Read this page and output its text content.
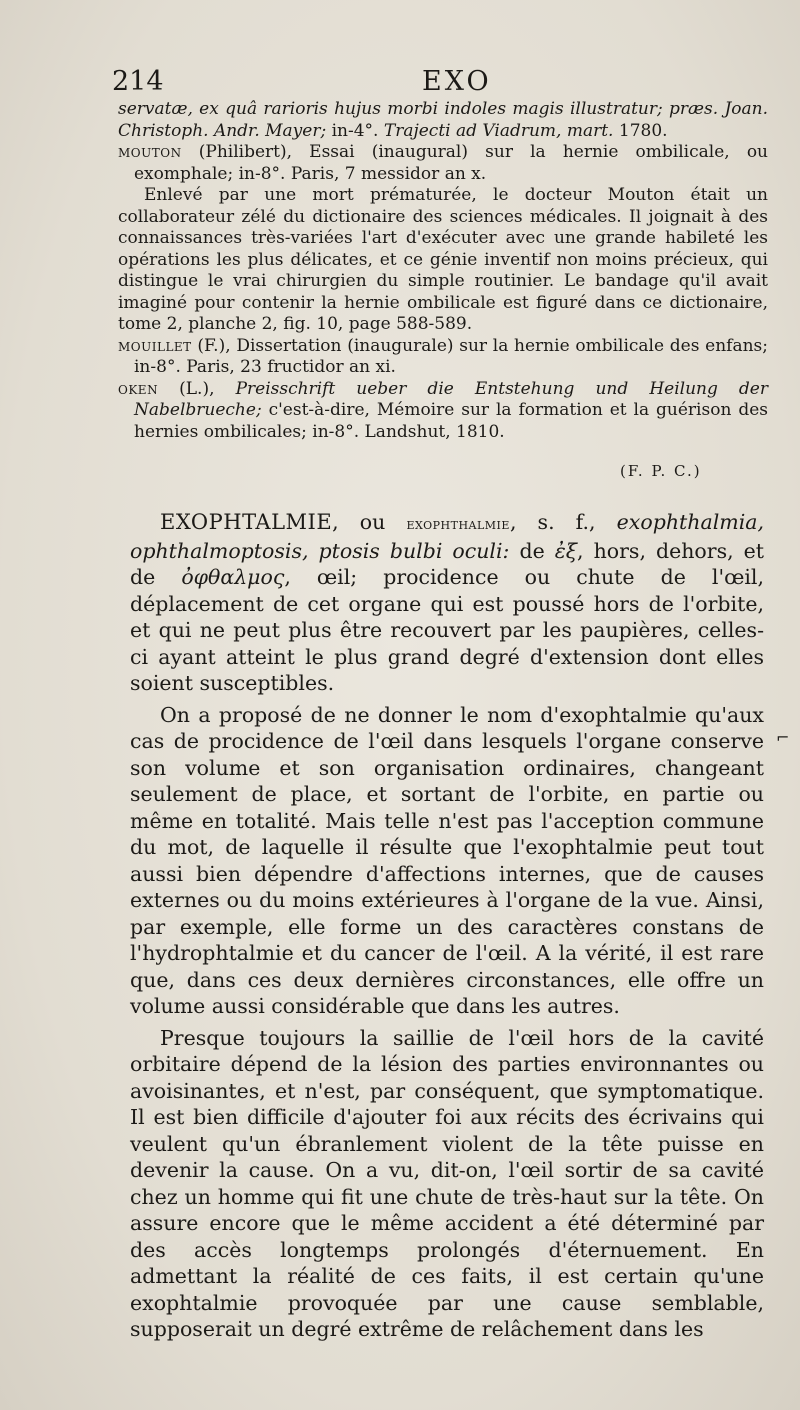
214	EXO

servatæ, ex quâ rarioris hujus morbi indoles magis illustratur; præs. Joan. Christoph. Andr. Mayer; in-4°. Trajecti ad Viadrum, mart. 1780.

mouton (Philibert), Essai (inaugural) sur la hernie ombilicale, ou exomphale; in-8°. Paris, 7 messidor an x.

Enlevé par une mort prématurée, le docteur Mouton était un collaborateur zélé du dictionaire des sciences médicales. Il joignait à des connaissances très-variées l'art d'exécuter avec une grande habileté les opérations les plus délicates, et ce génie inventif non moins précieux, qui distingue le vrai chirurgien du simple routinier. Le bandage qu'il avait imaginé pour contenir la hernie ombilicale est figuré dans ce dictionaire, tome 2, planche 2, fig. 10, page 588-589.

mouillet (F.), Dissertation (inaugurale) sur la hernie ombilicale des enfans; in-8°. Paris, 23 fructidor an xi.

oken (L.), Preisschrift ueber die Entstehung und Heilung der Nabelbrueche; c'est-à-dire, Mémoire sur la formation et la guérison des hernies ombilicales; in-8°. Landshut, 1810.

(F. P. C.)

EXOPHTALMIE, ou exophthalmie, s. f., exophthalmia, ophthalmoptosis, ptosis bulbi oculi: de ἐξ, hors, dehors, et de ὀφθαλμος, œil; procidence ou chute de l'œil, déplacement de cet organe qui est poussé hors de l'orbite, et qui ne peut plus être recouvert par les paupières, celles-ci ayant atteint le plus grand degré d'extension dont elles soient susceptibles.

On a proposé de ne donner le nom d'exophtalmie qu'aux cas de procidence de l'œil dans lesquels l'organe conserve son volume et son organisation ordinaires, changeant seulement de place, et sortant de l'orbite, en partie ou même en totalité. Mais telle n'est pas l'acception commune du mot, de laquelle il résulte que l'exophtalmie peut tout aussi bien dépendre d'affections internes, que de causes externes ou du moins extérieures à l'organe de la vue. Ainsi, par exemple, elle forme un des caractères constans de l'hydrophtalmie et du cancer de l'œil. A la vérité, il est rare que, dans ces deux dernières circonstances, elle offre un volume aussi considérable que dans les autres.

Presque toujours la saillie de l'œil hors de la cavité orbitaire dépend de la lésion des parties environnantes ou avoisinantes, et n'est, par conséquent, que symptomatique. Il est bien difficile d'ajouter foi aux récits des écrivains qui veulent qu'un ébranlement violent de la tête puisse en devenir la cause. On a vu, dit-on, l'œil sortir de sa cavité chez un homme qui fit une chute de très-haut sur la tête. On assure encore que le même accident a été déterminé par des accès longtemps prolongés d'éternuement. En admettant la réalité de ces faits, il est certain qu'une exophtalmie provoquée par une cause semblable, supposerait un degré extrême de relâchement dans les

⌐
